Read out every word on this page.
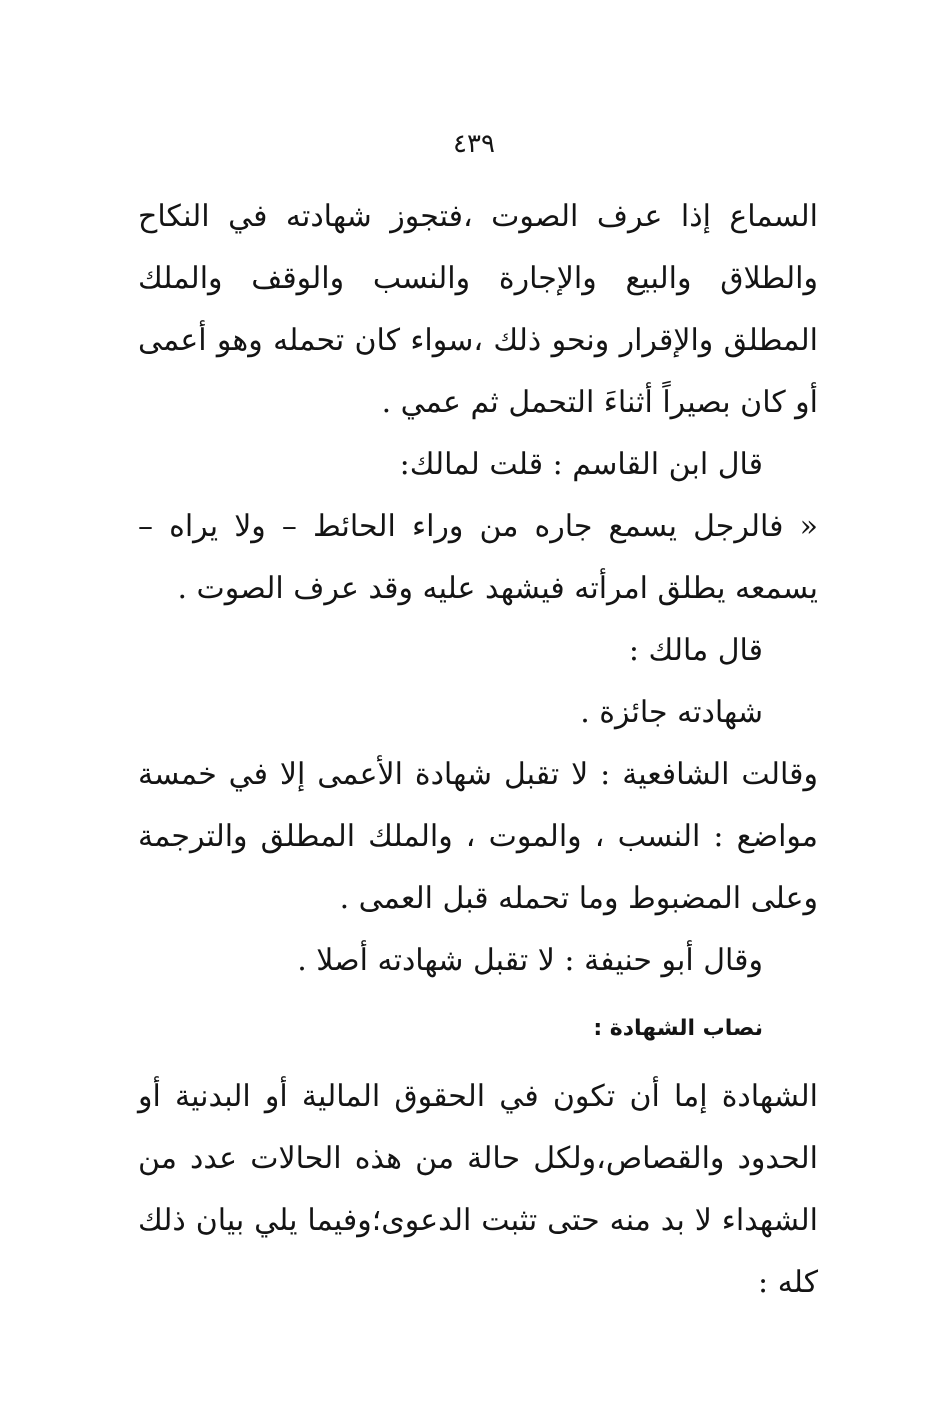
٤٣٩

السماع إذا عرف الصوت ،فتجوز شهادته في النكاح والطلاق والبيع والإجارة والنسب والوقف والملك المطلق والإقرار ونحو ذلك ،سواء كان تحمله وهو أعمى أو كان بصيراً أثناءَ التحمل ثم عمي .

قال ابن القاسم : قلت لمالك:

« فالرجل يسمع جاره من وراء الحائط – ولا يراه – يسمعه يطلق امرأته فيشهد عليه وقد عرف الصوت .

قال مالك :

شهادته جائزة .

وقالت الشافعية : لا تقبل شهادة الأعمى إلا في خمسة مواضع : النسب ، والموت ، والملك المطلق والترجمة وعلى المضبوط وما تحمله قبل العمى .

وقال أبو حنيفة : لا تقبل شهادته أصلا .

نصاب الشهادة :

الشهادة إما أن تكون في الحقوق المالية أو البدنية أو الحدود والقصاص،ولكل حالة من هذه الحالات عدد من الشهداء لا بد منه حتى تثبت الدعوى؛وفيما يلي بيان ذلك كله :
